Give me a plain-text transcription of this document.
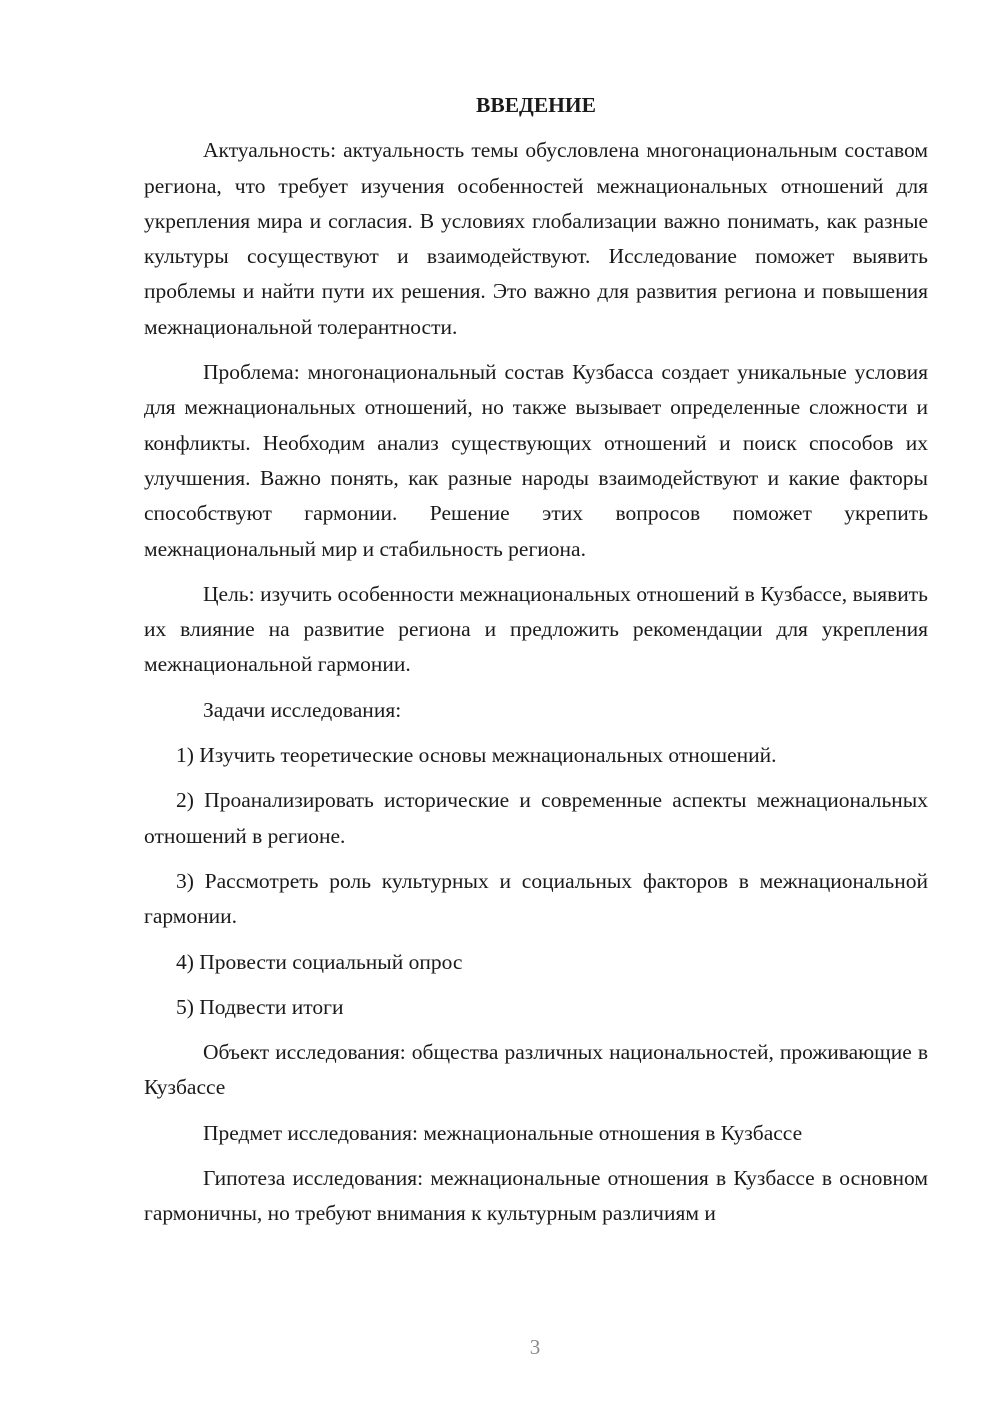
ВВЕДЕНИЕ

Актуальность: актуальность темы обусловлена многонациональным составом региона, что требует изучения особенностей межнациональных отношений для укрепления мира и согласия. В условиях глобализации важно понимать, как разные культуры сосуществуют и взаимодействуют. Исследование поможет выявить проблемы и найти пути их решения. Это важно для развития региона и повышения межнациональной толерантности.

Проблема: многонациональный состав Кузбасса создает уникальные условия для межнациональных отношений, но также вызывает определенные сложности и конфликты. Необходим анализ существующих отношений и поиск способов их улучшения. Важно понять, как разные народы взаимодействуют и какие факторы способствуют гармонии. Решение этих вопросов поможет укрепить межнациональный мир и стабильность региона.

Цель: изучить особенности межнациональных отношений в Кузбассе, выявить их влияние на развитие региона и предложить рекомендации для укрепления межнациональной гармонии.

Задачи исследования:

1) Изучить теоретические основы межнациональных отношений.

2) Проанализировать исторические и современные аспекты межнациональных отношений в регионе.

3) Рассмотреть роль культурных и социальных факторов в межнациональной гармонии.

4) Провести социальный опрос

5) Подвести итоги

Объект исследования: общества различных национальностей, проживающие в Кузбассе

Предмет исследования: межнациональные отношения в Кузбассе

Гипотеза исследования: межнациональные отношения в Кузбассе в основном гармоничны, но требуют внимания к культурным различиям и

3
